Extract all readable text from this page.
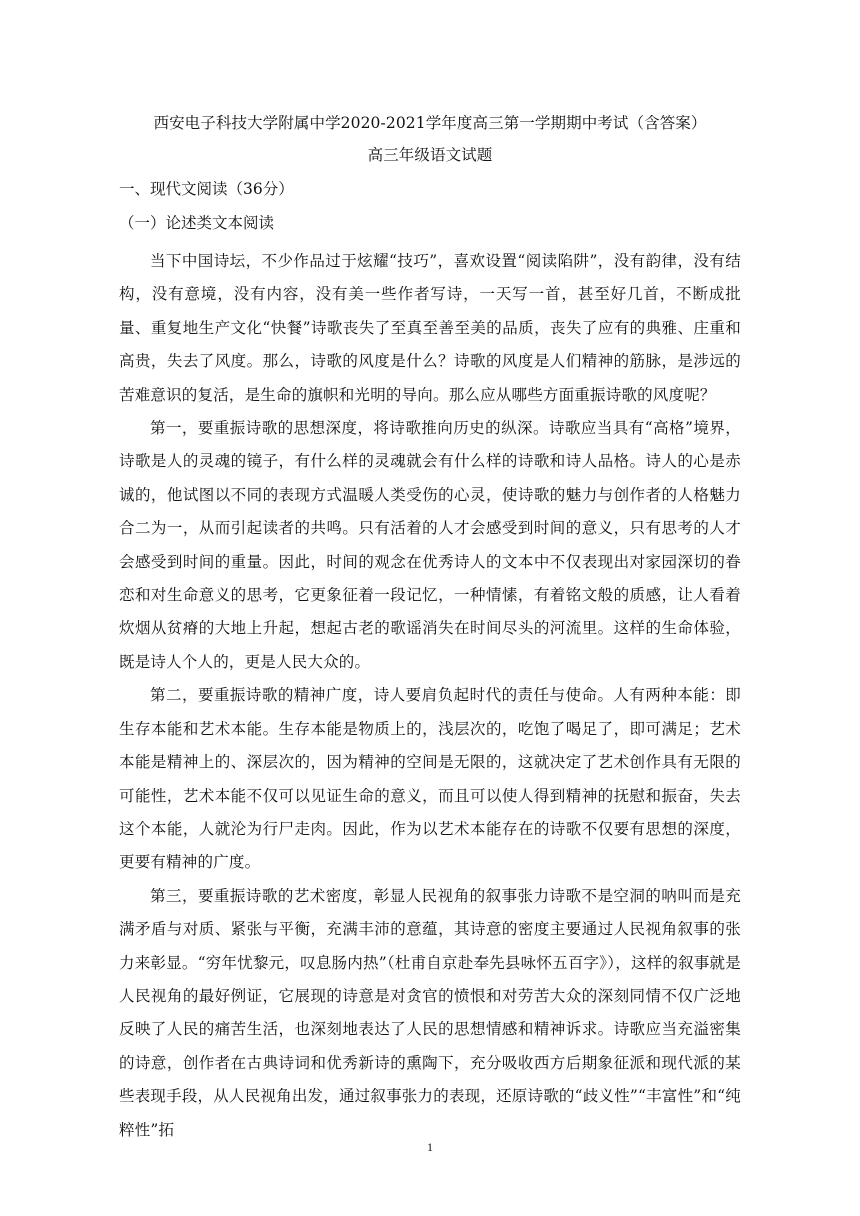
西安电子科技大学附属中学2020-2021学年度高三第一学期期中考试（含答案）
高三年级语文试题
一、现代文阅读（36分）
（一）论述类文本阅读

当下中国诗坛，不少作品过于炫耀“技巧”，喜欢设置“阅读陷阱”，没有韵律，没有结构，没有意境，没有内容，没有美一些作者写诗，一天写一首，甚至好几首，不断成批量、重复地生产文化“快餐”诗歌丧失了至真至善至美的品质，丧失了应有的典雅、庄重和高贵，失去了风度。那么，诗歌的风度是什么？诗歌的风度是人们精神的筋脉，是涉远的苦难意识的复活，是生命的旗帜和光明的导向。那么应从哪些方面重振诗歌的风度呢？

第一，要重振诗歌的思想深度，将诗歌推向历史的纵深。诗歌应当具有“高格”境界，诗歌是人的灵魂的镜子，有什么样的灵魂就会有什么样的诗歌和诗人品格。诗人的心是赤诚的，他试图以不同的表现方式温暖人类受伤的心灵，使诗歌的魅力与创作者的人格魅力合二为一，从而引起读者的共鸣。只有活着的人才会感受到时间的意义，只有思考的人才会感受到时间的重量。因此，时间的观念在优秀诗人的文本中不仅表现出对家园深切的眷恋和对生命意义的思考，它更象征着一段记忆，一种情愫，有着铭文般的质感，让人看着炊烟从贫瘠的大地上升起，想起古老的歌谣消失在时间尽头的河流里。这样的生命体验，既是诗人个人的，更是人民大众的。

第二，要重振诗歌的精神广度，诗人要肩负起时代的责任与使命。人有两种本能：即生存本能和艺术本能。生存本能是物质上的，浅层次的，吃饱了喝足了，即可满足；艺术本能是精神上的、深层次的，因为精神的空间是无限的，这就决定了艺术创作具有无限的可能性，艺术本能不仅可以见证生命的意义，而且可以使人得到精神的抚慰和振奋，失去这个本能，人就沦为行尸走肉。因此，作为以艺术本能存在的诗歌不仅要有思想的深度，更要有精神的广度。

第三，要重振诗歌的艺术密度，彰显人民视角的叙事张力诗歌不是空洞的呐叫而是充满矛盾与对质、紧张与平衡，充满丰沛的意蕴，其诗意的密度主要通过人民视角叙事的张力来彰显。“穷年忧黎元，叹息肠内热”（杜甫自京赴奉先县咏怀五百字》），这样的叙事就是人民视角的最好例证，它展现的诗意是对贪官的愤恨和对劳苦大众的深刻同情不仅广泛地反映了人民的痛苦生活，也深刻地表达了人民的思想情感和精神诉求。诗歌应当充溢密集的诗意，创作者在古典诗词和优秀新诗的熏陶下，充分吸收西方后期象征派和现代派的某些表现手段，从人民视角出发，通过叙事张力的表现，还原诗歌的“歧义性”“丰富性”和“纯粹性”拓

1
